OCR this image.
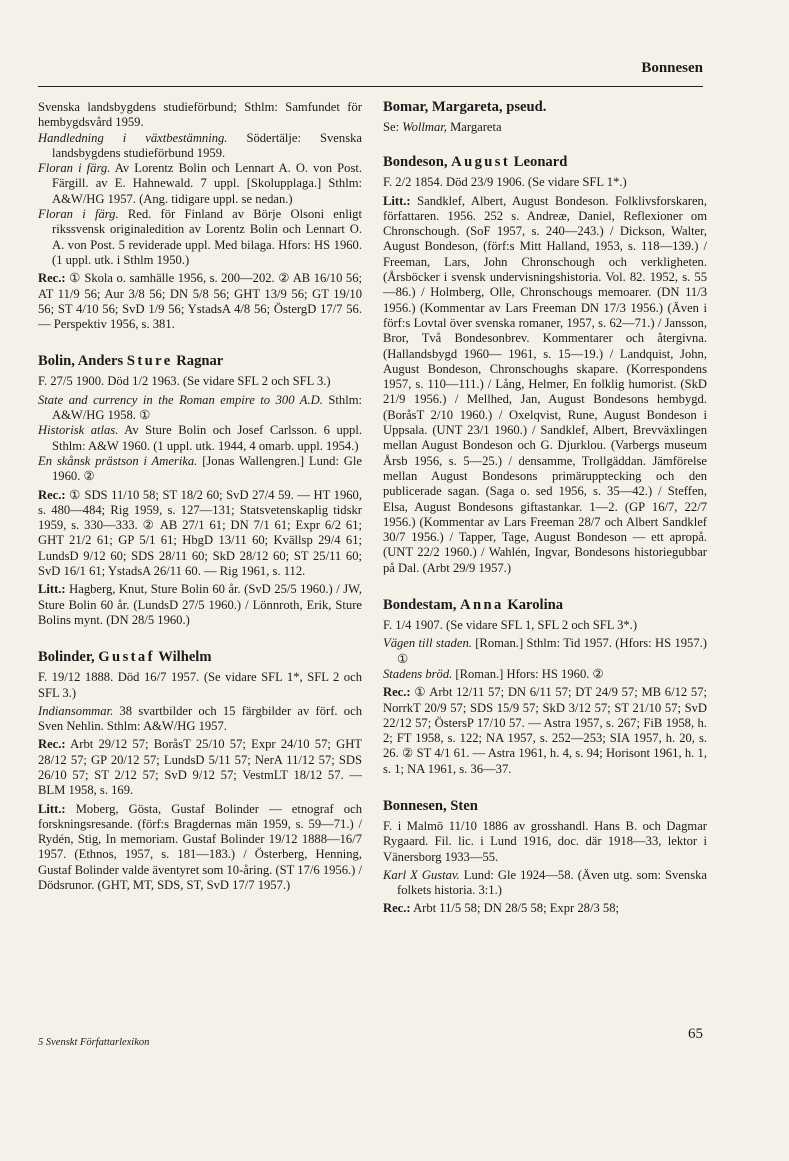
Bonnesen

Svenska landsbygdens studieförbund; Sthlm: Samfundet för hembygdsvård 1959.

Handledning i växtbestämning. Södertälje: Svenska landsbygdens studieförbund 1959.

Floran i färg. Av Lorentz Bolin och Lennart A. O. von Post. Färgill. av E. Hahnewald. 7 uppl. [Skolupplaga.] Sthlm: A&W/HG 1957. (Ang. tidigare uppl. se nedan.)

Floran i färg. Red. för Finland av Börje Olsoni enligt rikssvensk originaledition av Lorentz Bolin och Lennart O. A. von Post. 5 reviderade uppl. Med bilaga. Hfors: HS 1960. (1 uppl. utk. i Sthlm 1950.)

Rec.: ① Skola o. samhälle 1956, s. 200—202. ② AB 16/10 56; AT 11/9 56; Aur 3/8 56; DN 5/8 56; GHT 13/9 56; GT 19/10 56; ST 4/10 56; SvD 1/9 56; YstadsA 4/8 56; ÖstergD 17/7 56. — Perspektiv 1956, s. 381.

Bolin, Anders Sture Ragnar

F. 27/5 1900. Död 1/2 1963. (Se vidare SFL 2 och SFL 3.)

State and currency in the Roman empire to 300 A.D. Sthlm: A&W/HG 1958. ①

Historisk atlas. Av Sture Bolin och Josef Carlsson. 6 uppl. Sthlm: A&W 1960. (1 uppl. utk. 1944, 4 omarb. uppl. 1954.)

En skånsk prästson i Amerika. [Jonas Wallengren.] Lund: Gle 1960. ②

Rec.: ① SDS 11/10 58; ST 18/2 60; SvD 27/4 59. — HT 1960, s. 480—484; Rig 1959, s. 127—131; Statsvetenskaplig tidskr 1959, s. 330—333. ② AB 27/1 61; DN 7/1 61; Expr 6/2 61; GHT 21/2 61; GP 5/1 61; HbgD 13/11 60; Kvällsp 29/4 61; LundsD 9/12 60; SDS 28/11 60; SkD 28/12 60; ST 25/11 60; SvD 16/1 61; YstadsA 26/11 60. — Rig 1961, s. 112.

Litt.: Hagberg, Knut, Sture Bolin 60 år. (SvD 25/5 1960.) / JW, Sture Bolin 60 år. (LundsD 27/5 1960.) / Lönnroth, Erik, Sture Bolins mynt. (DN 28/5 1960.)

Bolinder, Gustaf Wilhelm

F. 19/12 1888. Död 16/7 1957. (Se vidare SFL 1*, SFL 2 och SFL 3.)

Indiansommar. 38 svartbilder och 15 färgbilder av förf. och Sven Nehlin. Sthlm: A&W/HG 1957.

Rec.: Arbt 29/12 57; BoråsT 25/10 57; Expr 24/10 57; GHT 28/12 57; GP 20/12 57; LundsD 5/11 57; NerA 11/12 57; SDS 26/10 57; ST 2/12 57; SvD 9/12 57; VestmLT 18/12 57. — BLM 1958, s. 169.

Litt.: Moberg, Gösta, Gustaf Bolinder — etnograf och forskningsresande. (förf:s Bragdernas män 1959, s. 59—71.) / Rydén, Stig, In memoriam. Gustaf Bolinder 19/12 1888—16/7 1957. (Ethnos, 1957, s. 181—183.) / Österberg, Henning, Gustaf Bolinder valde äventyret som 10-åring. (ST 17/6 1956.) / Dödsrunor. (GHT, MT, SDS, ST, SvD 17/7 1957.)

Bomar, Margareta, pseud.

Se: Wollmar, Margareta

Bondeson, August Leonard

F. 2/2 1854. Död 23/9 1906. (Se vidare SFL 1*.)

Litt.: Sandklef, Albert, August Bondeson. Folklivsforskaren, författaren. 1956. 252 s. Andreæ, Daniel, Reflexioner om Chronschough. (SoF 1957, s. 240—243.) / Dickson, Walter, August Bondeson, (förf:s Mitt Halland, 1953, s. 118—139.) / Freeman, Lars, John Chronschough och verkligheten. (Årsböcker i svensk undervisningshistoria. Vol. 82. 1952, s. 55—86.) / Holmberg, Olle, Chronschougs memoarer. (DN 11/3 1956.) (Kommentar av Lars Freeman DN 17/3 1956.) (Även i förf:s Lovtal över svenska romaner, 1957, s. 62—71.) / Jansson, Bror, Två Bondesonbrev. Kommentarer och återgivna. (Hallandsbygd 1960— 1961, s. 15—19.) / Landquist, John, August Bondeson, Chronschoughs skapare. (Korrespondens 1957, s. 110—111.) / Lång, Helmer, En folklig humorist. (SkD 21/9 1956.) / Mellhed, Jan, August Bondesons hembygd. (BoråsT 2/10 1960.) / Oxelqvist, Rune, August Bondeson i Uppsala. (UNT 23/1 1960.) / Sandklef, Albert, Brevväxlingen mellan August Bondeson och G. Djurklou. (Varbergs museum Årsb 1956, s. 5—25.) / densamme, Trollgäddan. Jämförelse mellan August Bondesons primärupptecking och den publicerade sagan. (Saga o. sed 1956, s. 35—42.) / Steffen, Elsa, August Bondesons giftastankar. 1—2. (GP 16/7, 22/7 1956.) (Kommentar av Lars Freeman 28/7 och Albert Sandklef 30/7 1956.) / Tapper, Tage, August Bondeson — ett apropå. (UNT 22/2 1960.) / Wahlén, Ingvar, Bondesons historiegubbar på Dal. (Arbt 29/9 1957.)

Bondestam, Anna Karolina

F. 1/4 1907. (Se vidare SFL 1, SFL 2 och SFL 3*.)

Vägen till staden. [Roman.] Sthlm: Tid 1957. (Hfors: HS 1957.) ①

Stadens bröd. [Roman.] Hfors: HS 1960. ②

Rec.: ① Arbt 12/11 57; DN 6/11 57; DT 24/9 57; MB 6/12 57; NorrkT 20/9 57; SDS 15/9 57; SkD 3/12 57; ST 21/10 57; SvD 22/12 57; ÖstersP 17/10 57. — Astra 1957, s. 267; FiB 1958, h. 2; FT 1958, s. 122; NA 1957, s. 252—253; SIA 1957, h. 20, s. 26. ② ST 4/1 61. — Astra 1961, h. 4, s. 94; Horisont 1961, h. 1, s. 1; NA 1961, s. 36—37.

Bonnesen, Sten

F. i Malmö 11/10 1886 av grosshandl. Hans B. och Dagmar Rygaard. Fil. lic. i Lund 1916, doc. där 1918—33, lektor i Vänersborg 1933—55.

Karl X Gustav. Lund: Gle 1924—58. (Även utg. som: Svenska folkets historia. 3:1.)

Rec.: Arbt 11/5 58; DN 28/5 58; Expr 28/3 58;

5 Svenskt Författarlexikon
65
